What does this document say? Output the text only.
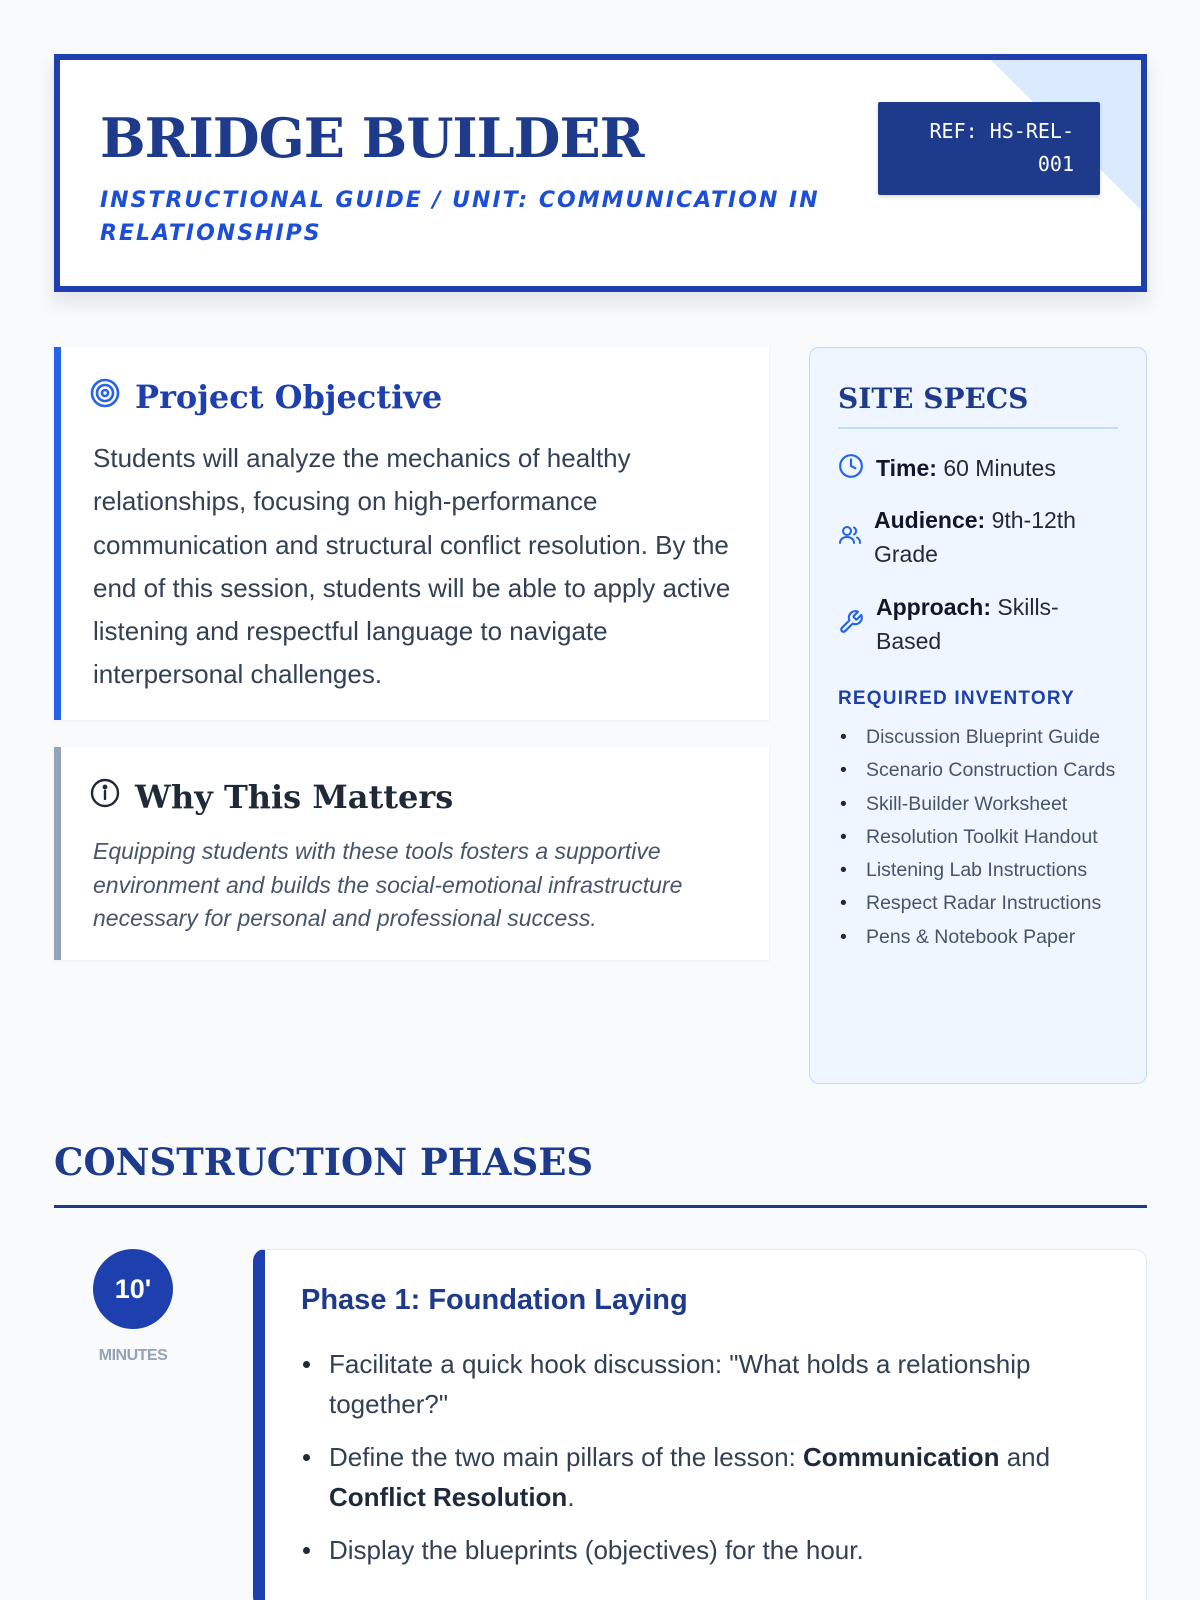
BRIDGE BUILDER
INSTRUCTIONAL GUIDE / UNIT: COMMUNICATION IN RELATIONSHIPS
REF: HS-REL-001
Project Objective
Students will analyze the mechanics of healthy relationships, focusing on high-performance communication and structural conflict resolution. By the end of this session, students will be able to apply active listening and respectful language to navigate interpersonal challenges.
Why This Matters
Equipping students with these tools fosters a supportive environment and builds the social-emotional infrastructure necessary for personal and professional success.
SITE SPECS
Time: 60 Minutes
Audience: 9th-12th Grade
Approach: Skills-Based
REQUIRED INVENTORY
• Discussion Blueprint Guide
• Scenario Construction Cards
• Skill-Builder Worksheet
• Resolution Toolkit Handout
• Listening Lab Instructions
• Respect Radar Instructions
• Pens & Notebook Paper
CONSTRUCTION PHASES
10'
MINUTES
Phase 1: Foundation Laying
Facilitate a quick hook discussion: "What holds a relationship together?"
Define the two main pillars of the lesson: Communication and Conflict Resolution.
Display the blueprints (objectives) for the hour.
